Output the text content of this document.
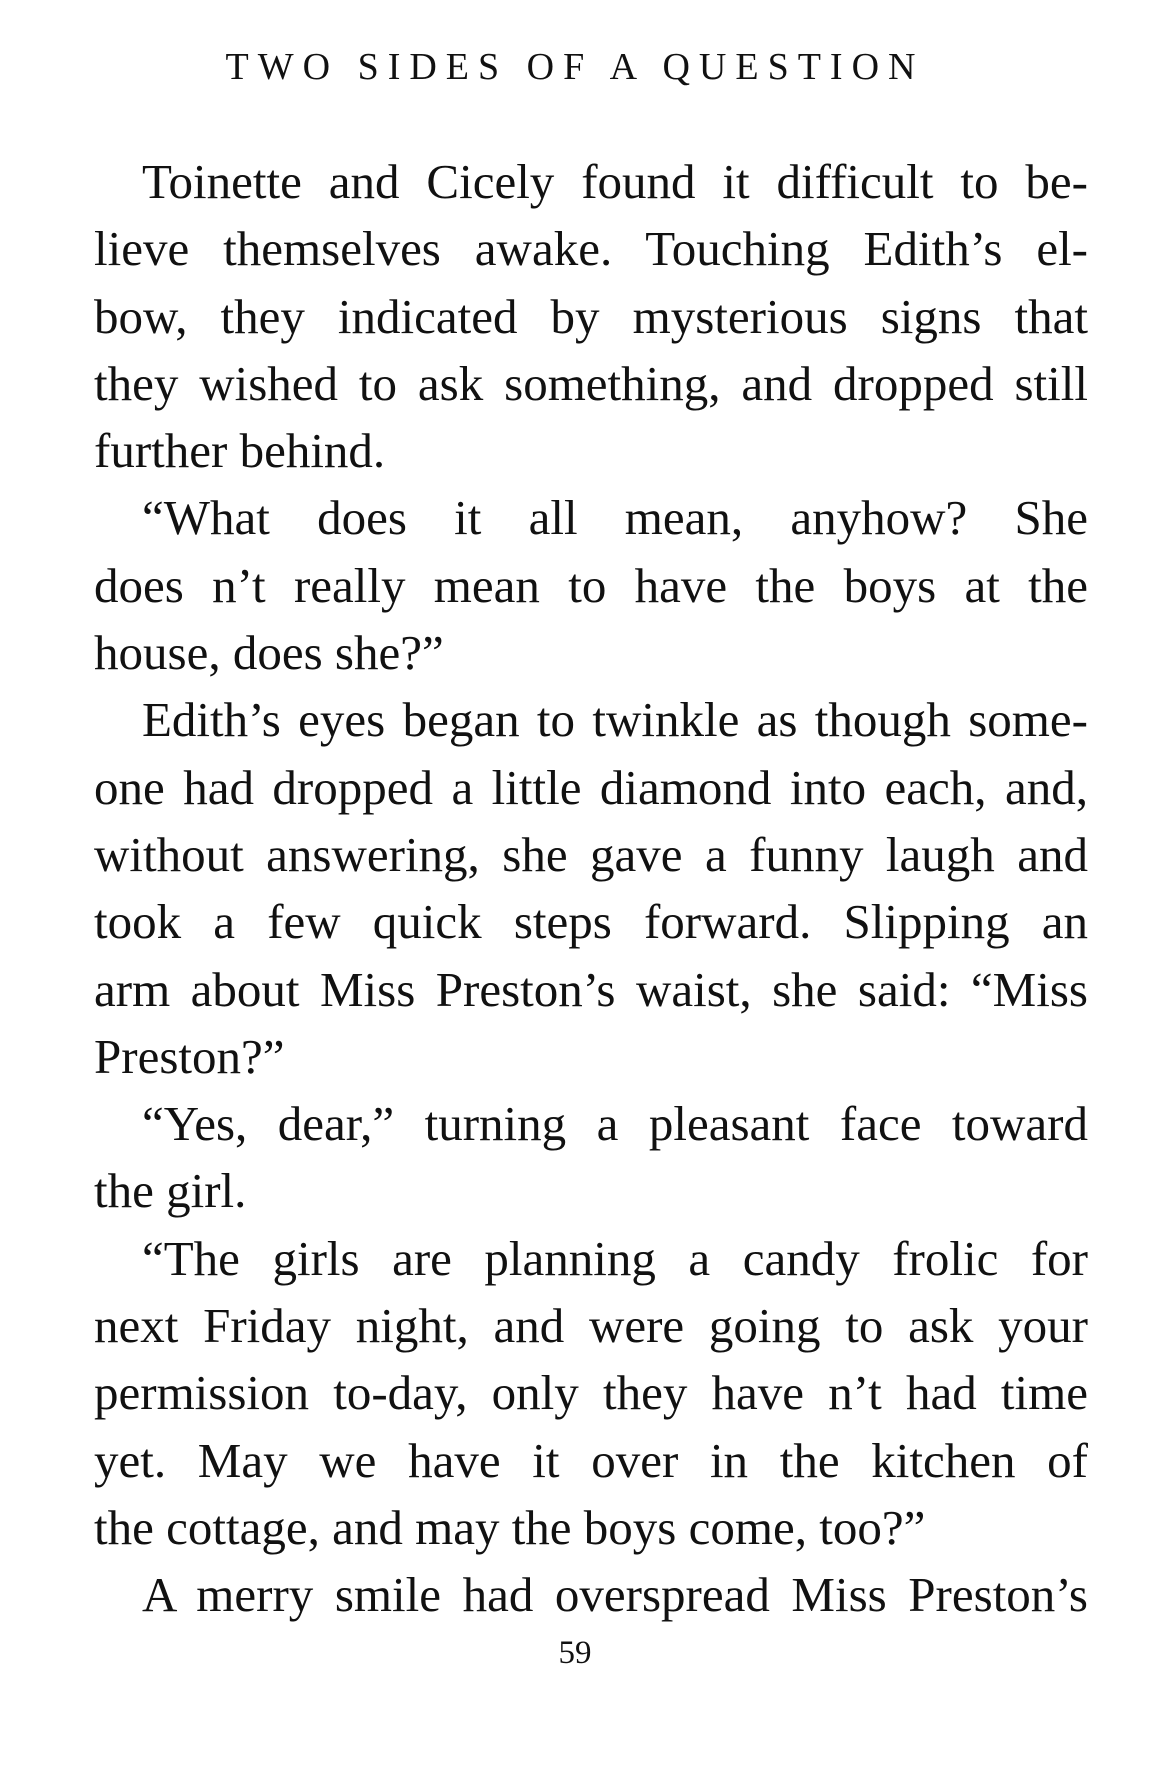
TWO SIDES OF A QUESTION
Toinette and Cicely found it difficult to be-
lieve themselves awake. Touching Edith’s el-
bow, they indicated by mysterious signs that
they wished to ask something, and dropped still
further behind.
“What does it all mean, anyhow? She
does n’t really mean to have the boys at the
house, does she?”
Edith’s eyes began to twinkle as though some-
one had dropped a little diamond into each, and,
without answering, she gave a funny laugh and
took a few quick steps forward. Slipping an
arm about Miss Preston’s waist, she said: “Miss
Preston?”
“Yes, dear,” turning a pleasant face toward
the girl.
“The girls are planning a candy frolic for
next Friday night, and were going to ask your
permission to-day, only they have n’t had time
yet. May we have it over in the kitchen of
the cottage, and may the boys come, too?”
A merry smile had overspread Miss Preston’s
59
